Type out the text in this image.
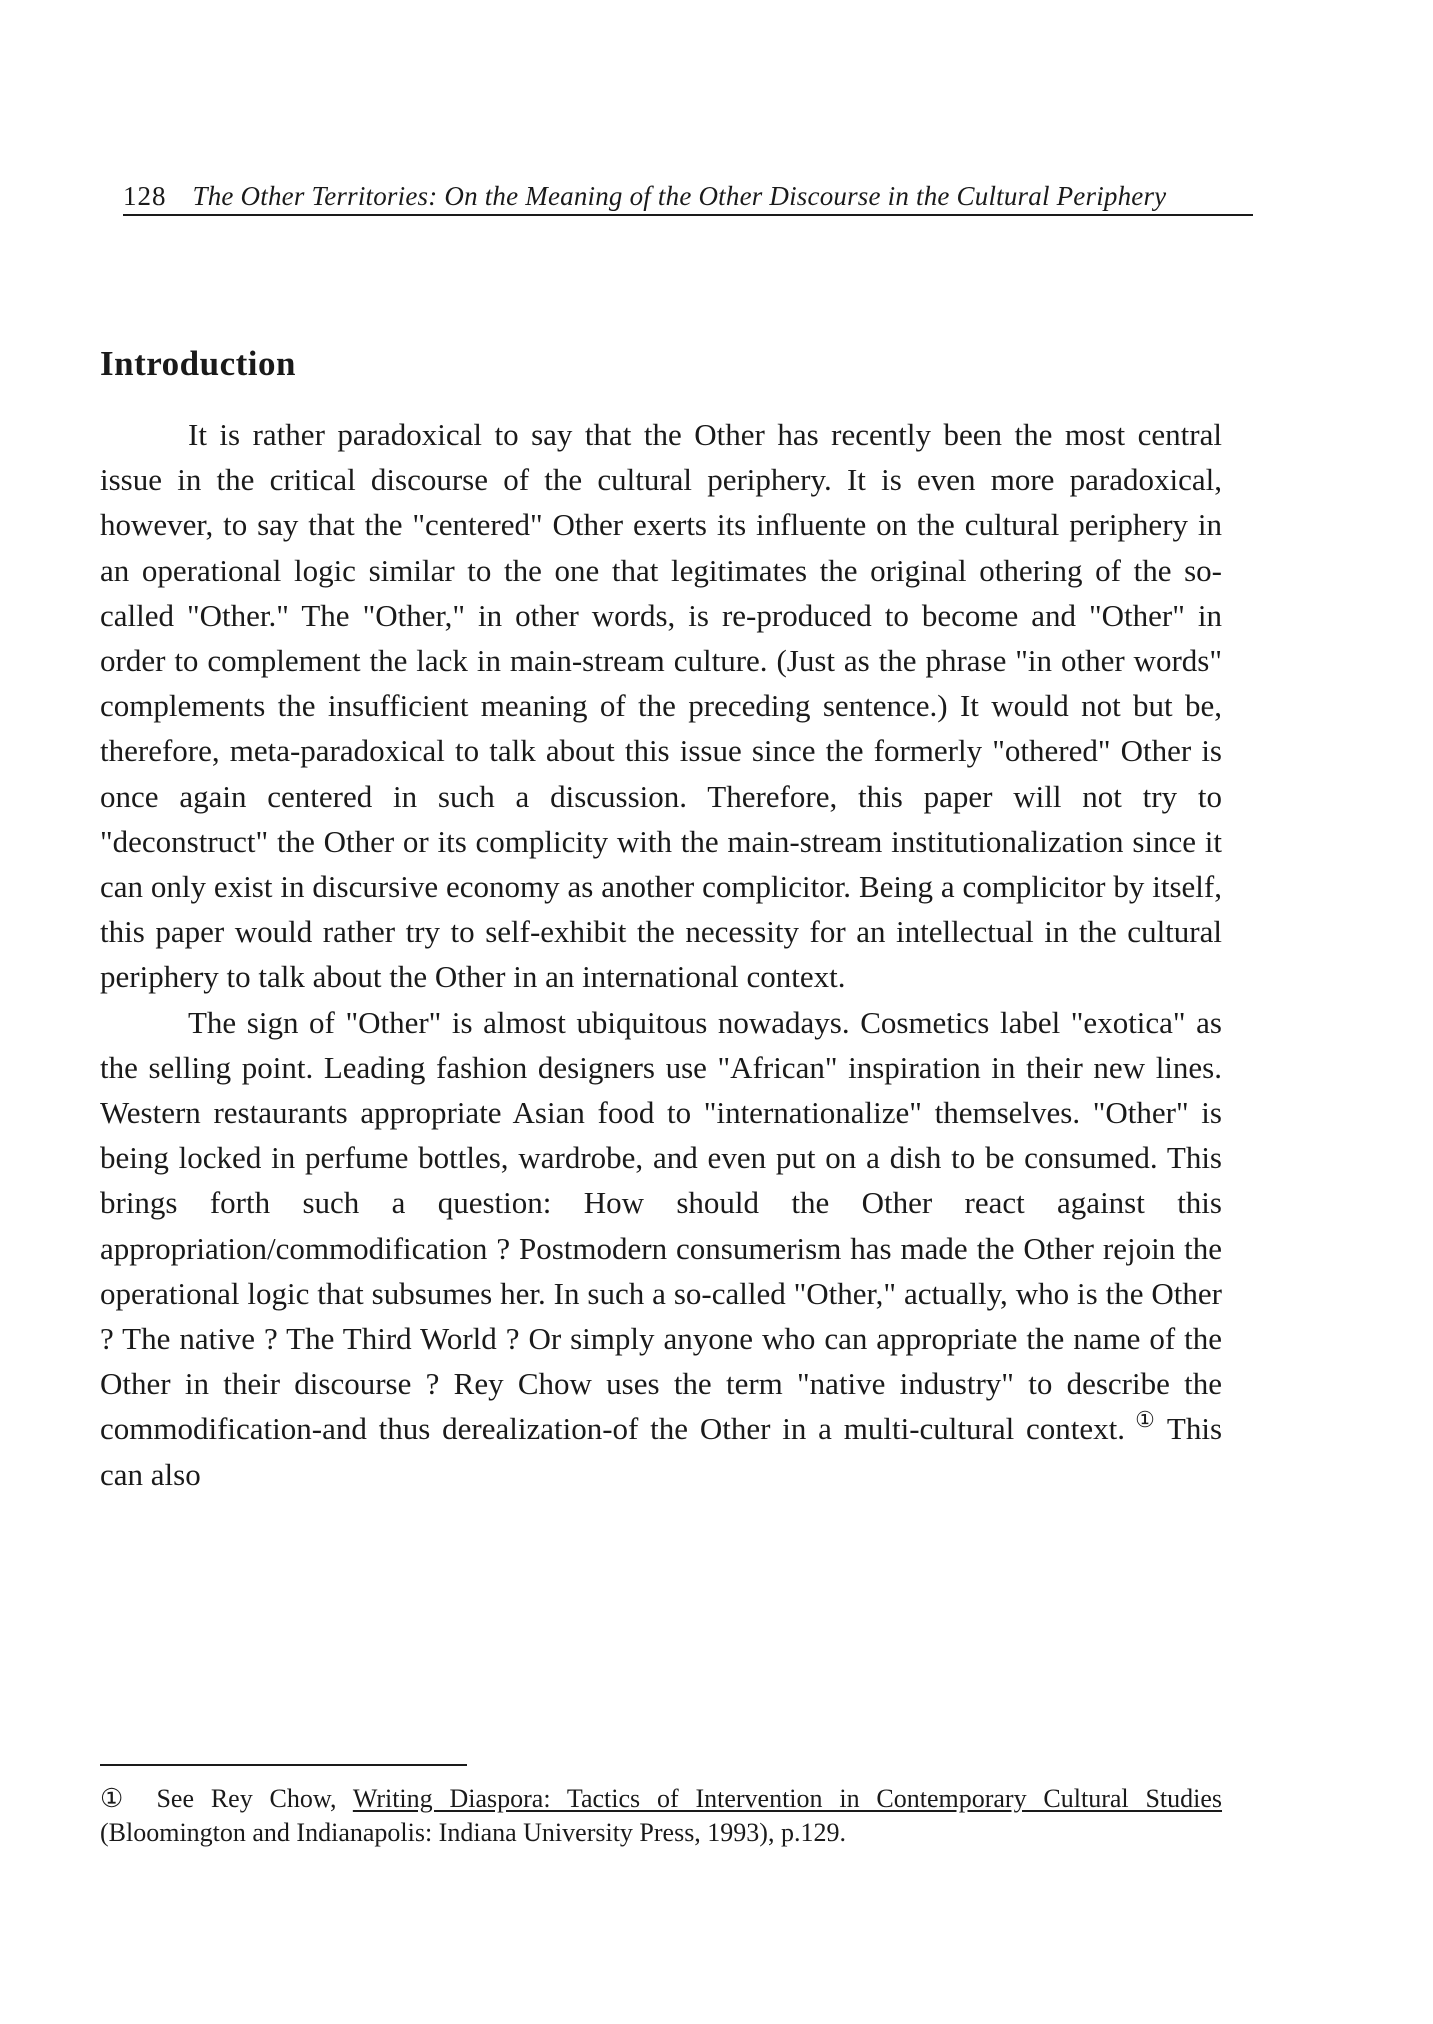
128 The Other Territories: On the Meaning of the Other Discourse in the Cultural Periphery
Introduction

It is rather paradoxical to say that the Other has recently been the most central issue in the critical discourse of the cultural periphery. It is even more paradoxical, however, to say that the "centered" Other exerts its influente on the cultural periphery in an operational logic similar to the one that legitimates the original othering of the so-called "Other." The "Other," in other words, is re-produced to become and "Other" in order to complement the lack in main-stream culture. (Just as the phrase "in other words" complements the insufficient meaning of the preceding sentence.) It would not but be, therefore, meta-paradoxical to talk about this issue since the formerly "othered" Other is once again centered in such a discussion. Therefore, this paper will not try to "deconstruct" the Other or its complicity with the main-stream institutionalization since it can only exist in discursive economy as another complicitor. Being a complicitor by itself, this paper would rather try to self-exhibit the necessity for an intellectual in the cultural periphery to talk about the Other in an international context.

The sign of "Other" is almost ubiquitous nowadays. Cosmetics label "exotica" as the selling point. Leading fashion designers use "African" inspiration in their new lines. Western restaurants appropriate Asian food to "internationalize" themselves. "Other" is being locked in perfume bottles, wardrobe, and even put on a dish to be consumed. This brings forth such a question: How should the Other react against this appropriation/commodification ? Postmodern consumerism has made the Other rejoin the operational logic that subsumes her. In such a so-called "Other," actually, who is the Other ? The native ? The Third World ? Or simply anyone who can appropriate the name of the Other in their discourse ? Rey Chow uses the term "native industry" to describe the commodification-and thus derealization-of the Other in a multi-cultural context. ① This can also

① See Rey Chow, Writing Diaspora: Tactics of Intervention in Contemporary Cultural Studies (Bloomington and Indianapolis: Indiana University Press, 1993), p.129.
